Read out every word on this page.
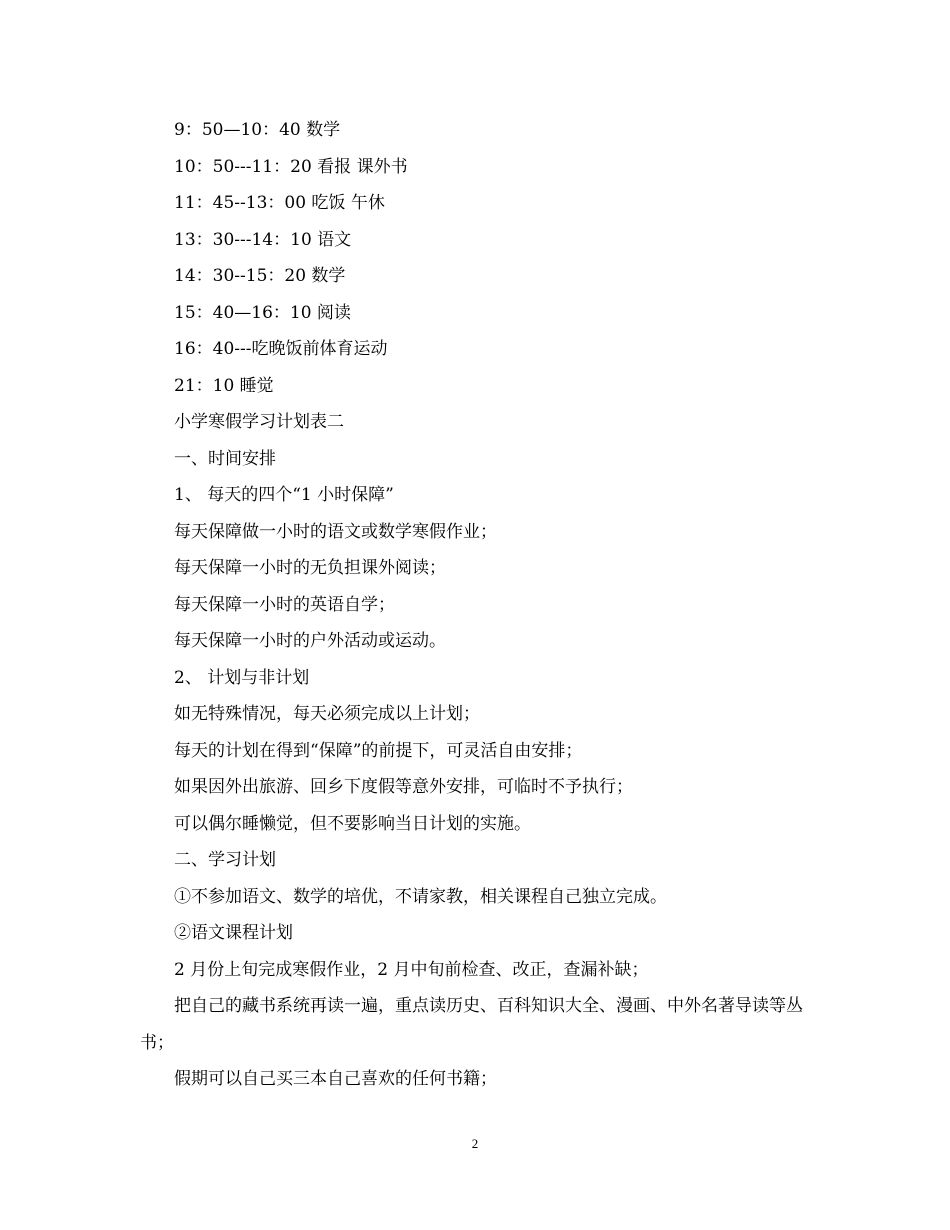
9：50—10：40 数学

10：50---11：20 看报 课外书

11：45--13：00 吃饭 午休

13：30---14：10 语文

14：30--15：20 数学

15：40—16：10 阅读

16：40---吃晚饭前体育运动

21：10 睡觉

小学寒假学习计划表二

一、时间安排

1、 每天的四个“1 小时保障”

每天保障做一小时的语文或数学寒假作业；

每天保障一小时的无负担课外阅读；

每天保障一小时的英语自学；

每天保障一小时的户外活动或运动。

2、 计划与非计划

如无特殊情况，每天必须完成以上计划；

每天的计划在得到“保障”的前提下，可灵活自由安排；

如果因外出旅游、回乡下度假等意外安排，可临时不予执行；

可以偶尔睡懒觉，但不要影响当日计划的实施。

二、学习计划

①不参加语文、数学的培优，不请家教，相关课程自己独立完成。

②语文课程计划

2 月份上旬完成寒假作业，2 月中旬前检查、改正，查漏补缺；

把自己的藏书系统再读一遍，重点读历史、百科知识大全、漫画、中外名著导读等丛书；

假期可以自己买三本自己喜欢的任何书籍；

2
